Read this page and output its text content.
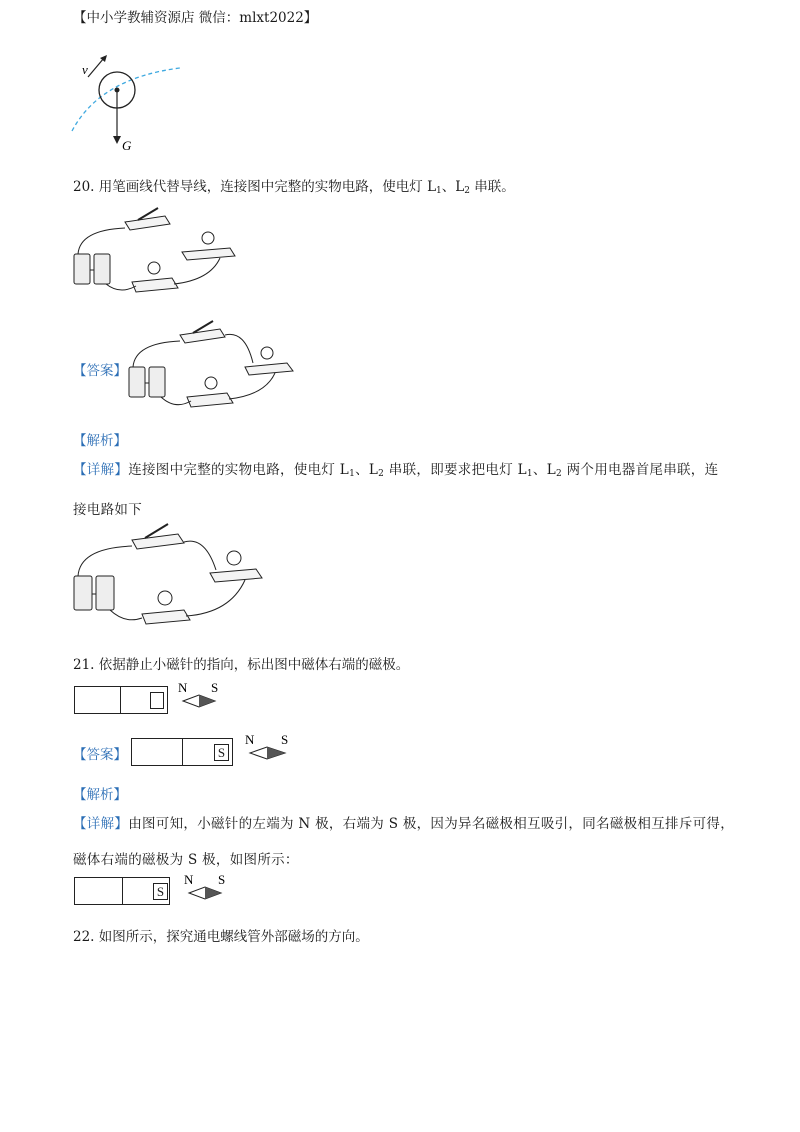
【中小学教辅资源店 微信：mlxt2022】
v
G
20. 用笔画线代替导线，连接图中完整的实物电路，使电灯 $L_1$、$L_2$ 串联。
【答案】
【解析】
【详解】连接图中完整的实物电路，使电灯 $L_1$、$L_2$ 串联，即要求把电灯 $L_1$、$L_2$ 两个用电器首尾串联，连
接电路如下
21. 依据静止小磁针的指向，标出图中磁体右端的磁极。
N S
【答案】	S
N S
【解析】
【详解】由图可知，小磁针的左端为 N 极，右端为 S 极，因为异名磁极相互吸引，同名磁极相互排斥可得，
磁体右端的磁极为 S 极，如图所示：
S
N S
22. 如图所示，探究通电螺线管外部磁场的方向。
